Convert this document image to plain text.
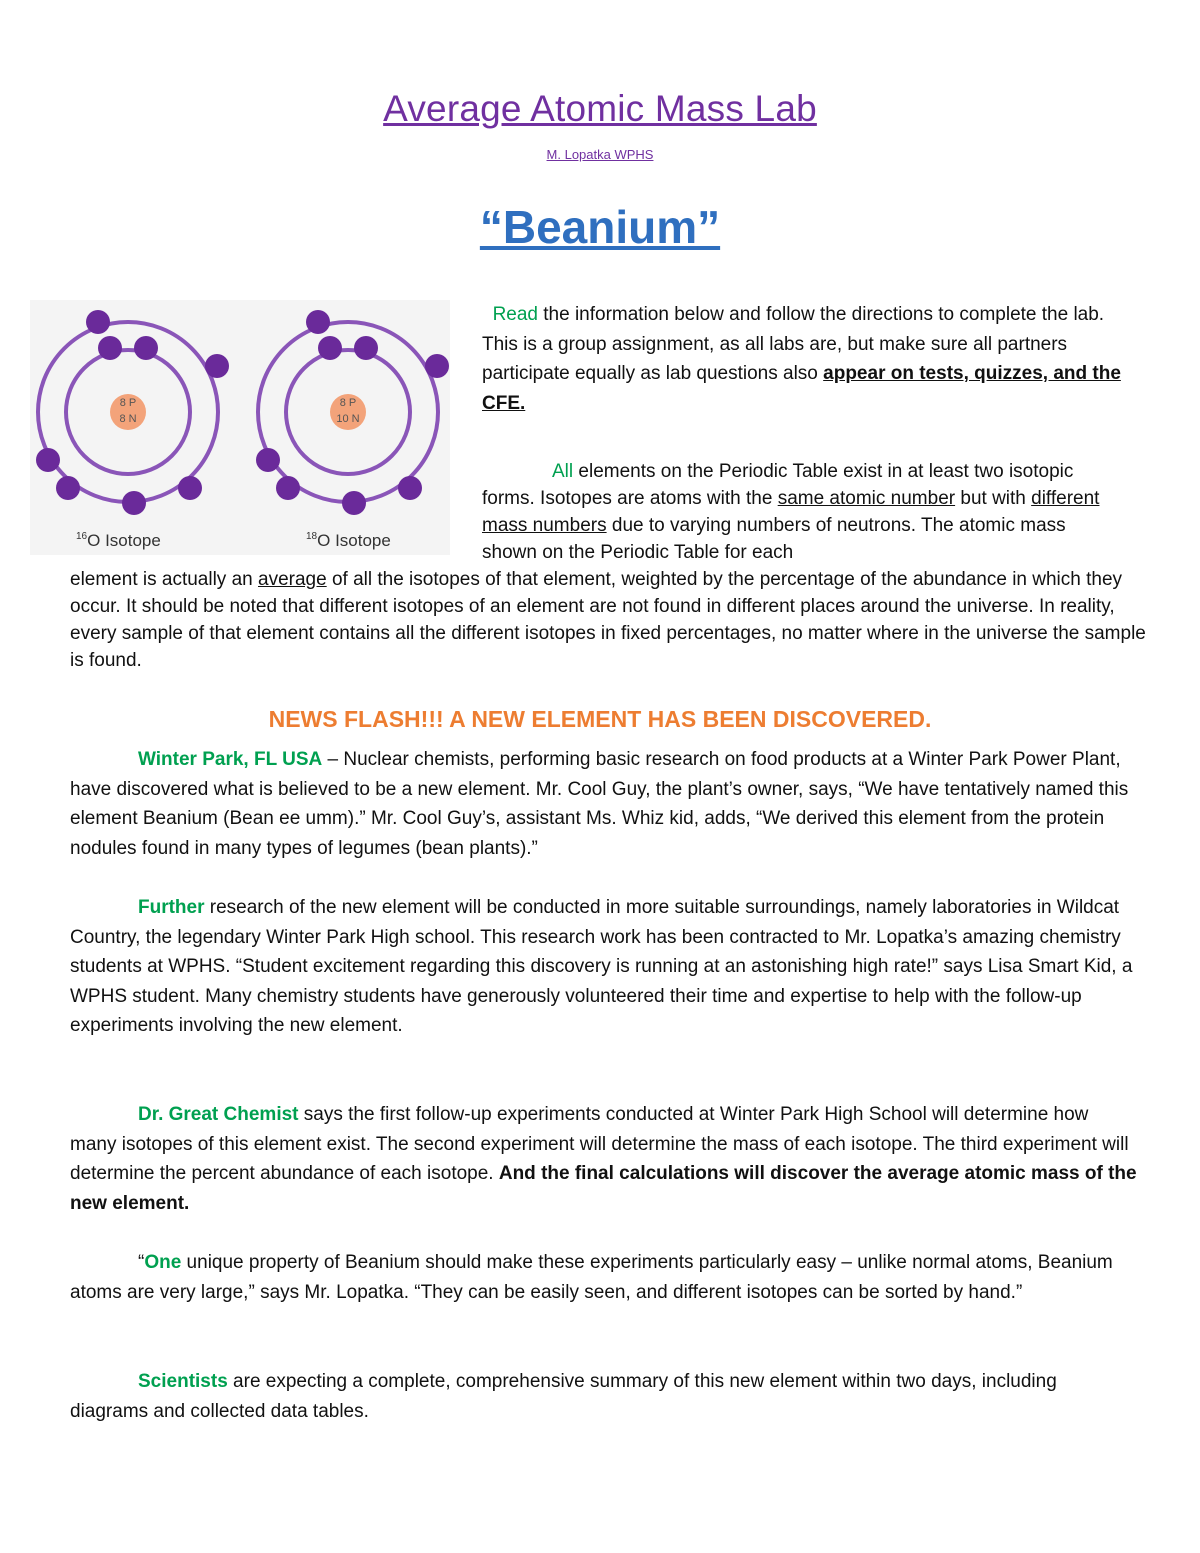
Average Atomic Mass Lab
M. Lopatka WPHS
“Beanium”
8 P
8 N
8 P
10 N
$^{16}$O Isotope	$^{18}$O Isotope
Read the information below and follow the directions to complete the lab. This is a group assignment, as all labs are, but make sure all partners participate equally as lab questions also appear on tests, quizzes, and the CFE.
All elements on the Periodic Table exist in at least two isotopic forms. Isotopes are atoms with the same atomic number but with different mass numbers due to varying numbers of neutrons. The atomic mass shown on the Periodic Table for each
element is actually an average of all the isotopes of that element, weighted by the percentage of the abundance in which they occur. It should be noted that different isotopes of an element are not found in different places around the universe. In reality, every sample of that element contains all the different isotopes in fixed percentages, no matter where in the universe the sample is found.
NEWS FLASH!!! A NEW ELEMENT HAS BEEN DISCOVERED.
Winter Park, FL USA – Nuclear chemists, performing basic research on food products at a Winter Park Power Plant, have discovered what is believed to be a new element. Mr. Cool Guy, the plant’s owner, says, “We have tentatively named this element Beanium (Bean ee umm).” Mr. Cool Guy’s, assistant Ms. Whiz kid, adds, “We derived this element from the protein nodules found in many types of legumes (bean plants).”
Further research of the new element will be conducted in more suitable surroundings, namely laboratories in Wildcat Country, the legendary Winter Park High school. This research work has been contracted to Mr. Lopatka’s amazing chemistry students at WPHS. “Student excitement regarding this discovery is running at an astonishing high rate!” says Lisa Smart Kid, a WPHS student. Many chemistry students have generously volunteered their time and expertise to help with the follow-up experiments involving the new element.
Dr. Great Chemist says the first follow-up experiments conducted at Winter Park High School will determine how many isotopes of this element exist. The second experiment will determine the mass of each isotope. The third experiment will determine the percent abundance of each isotope. And the final calculations will discover the average atomic mass of the new element.
“One unique property of Beanium should make these experiments particularly easy – unlike normal atoms, Beanium atoms are very large,” says Mr. Lopatka. “They can be easily seen, and different isotopes can be sorted by hand.”
Scientists are expecting a complete, comprehensive summary of this new element within two days, including diagrams and collected data tables.
